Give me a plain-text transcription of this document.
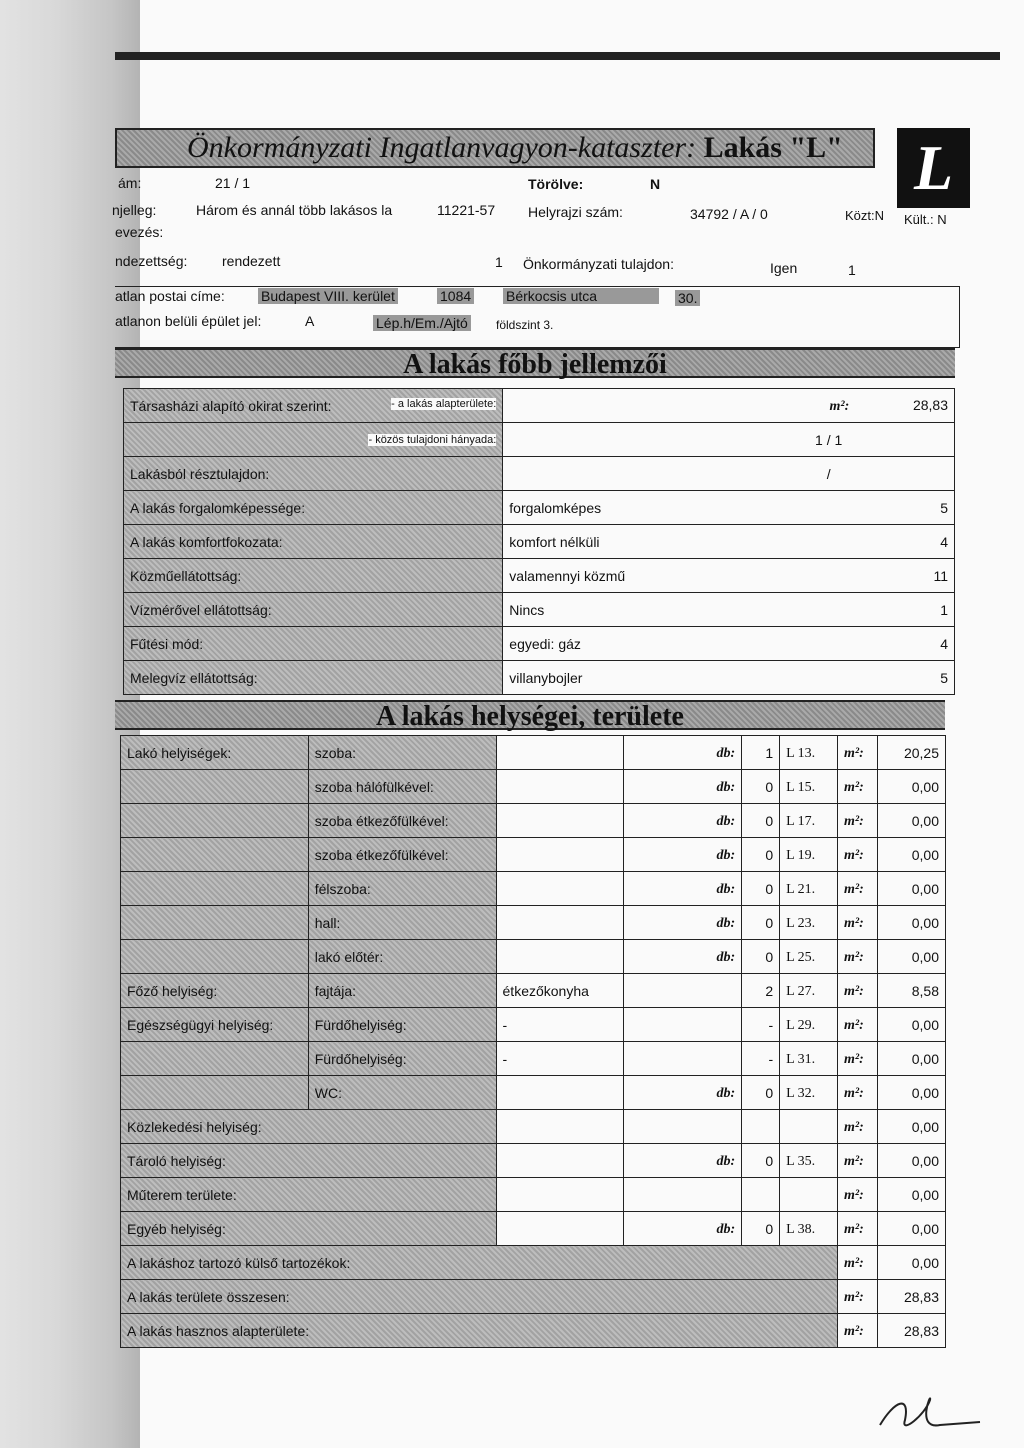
Önkormányzati Ingatlanvagyon-kataszter: Lakás "L"	L
ám:	21 / 1	Törölve:	N
njelleg:	Három és annál több lakásos la	11221-57 Helyrajzi szám:	34792 / A / 0	Közt:N Kült.: N
evezés:
ndezettség: rendezett	1 Önkormányzati tulajdon:	Igen	1
atlan postai címe:	Budapest VIII. kerület	1084 Bérkocsis utca	30.
atlanon belüli épület jel:	A	Lép.h/Em./Ajtó földszint 3.
A lakás főbb jellemzői
Társasházi alapító okirat szerint: - a lakás alapterülete:	m²: 28,83

- közös tulajdoni hányada:	1 / 1

Lakásból résztulajdon:	/

A lakás forgalomképessége:	forgalomképes 5

A lakás komfortfokozata:	komfort nélküli 4

Közműellátottság:	valamennyi közmű 11

Vízmérővel ellátottság:	Nincs 1

Fűtési mód:	egyedi: gáz 4

Melegvíz ellátottság:	villanybojler 5
A lakás helységei, területe
Lakó helyiségek:	szoba:		db:	1	L 13.	m²:	20,25
	szoba hálófülkével:		db:	0	L 15.	m²:	0,00
	szoba étkezőfülkével:		db:	0	L 17.	m²:	0,00
	szoba étkezőfülkével:		db:	0	L 19.	m²:	0,00
	félszoba:		db:	0	L 21.	m²:	0,00
	hall:		db:	0	L 23.	m²:	0,00
	lakó előtér:		db:	0	L 25.	m²:	0,00
Főző helyiség:	fajtája:	étkezőkonyha		2	L 27.	m²:	8,58
Egészségügyi helyiség:	Fürdőhelyiség:	-		-	L 29.	m²:	0,00
	Fürdőhelyiség:	-		-	L 31.	m²:	0,00
	WC:		db:	0	L 32.	m²:	0,00
Közlekedési helyiség:						m²:	0,00
Tároló helyiség:			db:	0	L 35.	m²:	0,00
Műterem területe:						m²:	0,00
Egyéb helyiség:			db:	0	L 38.	m²:	0,00
A lakáshoz tartozó külső tartozékok:						m²:	0,00
A lakás területe összesen:						m²:	28,83
A lakás hasznos alapterülete:						m²:	28,83
